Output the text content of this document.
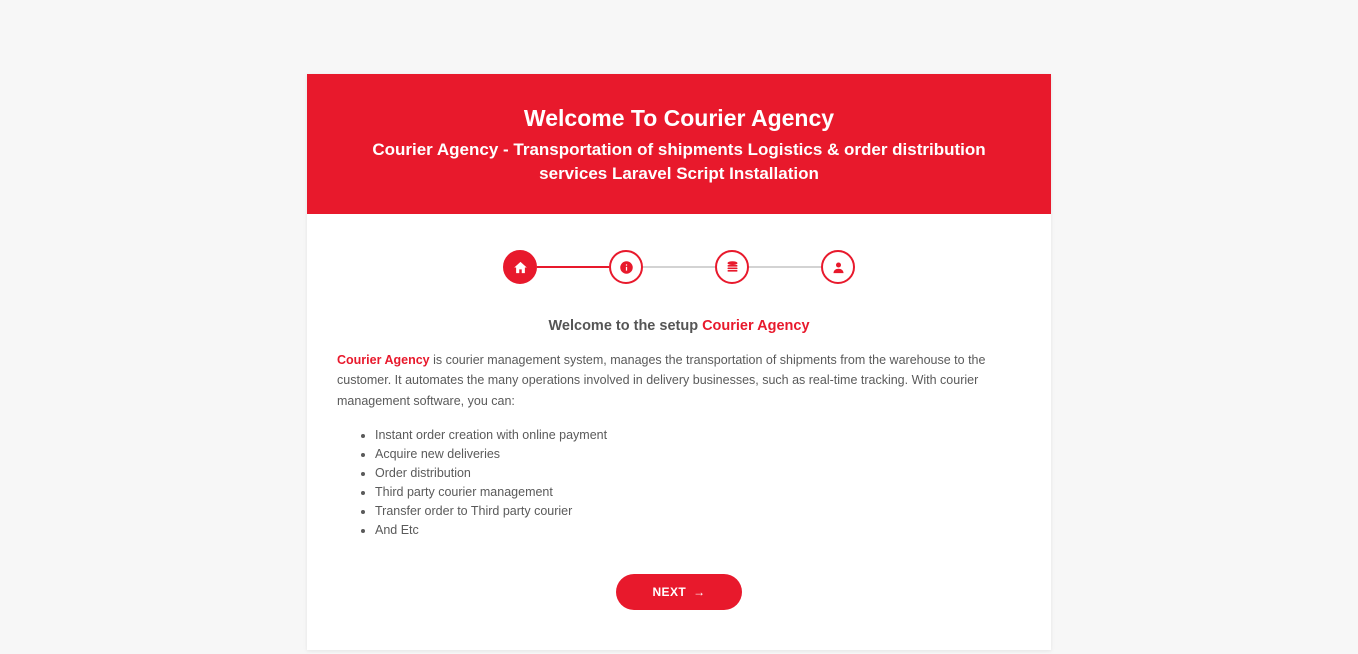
Welcome To Courier Agency
Courier Agency - Transportation of shipments Logistics & order distribution services Laravel Script Installation
Welcome to the setup Courier Agency

Courier Agency is courier management system, manages the transportation of shipments from the warehouse to the customer. It automates the many operations involved in delivery businesses, such as real-time tracking. With courier management software, you can:

• Instant order creation with online payment
• Acquire new deliveries
• Order distribution
• Third party courier management
• Transfer order to Third party courier
• And Etc
NEXT →
